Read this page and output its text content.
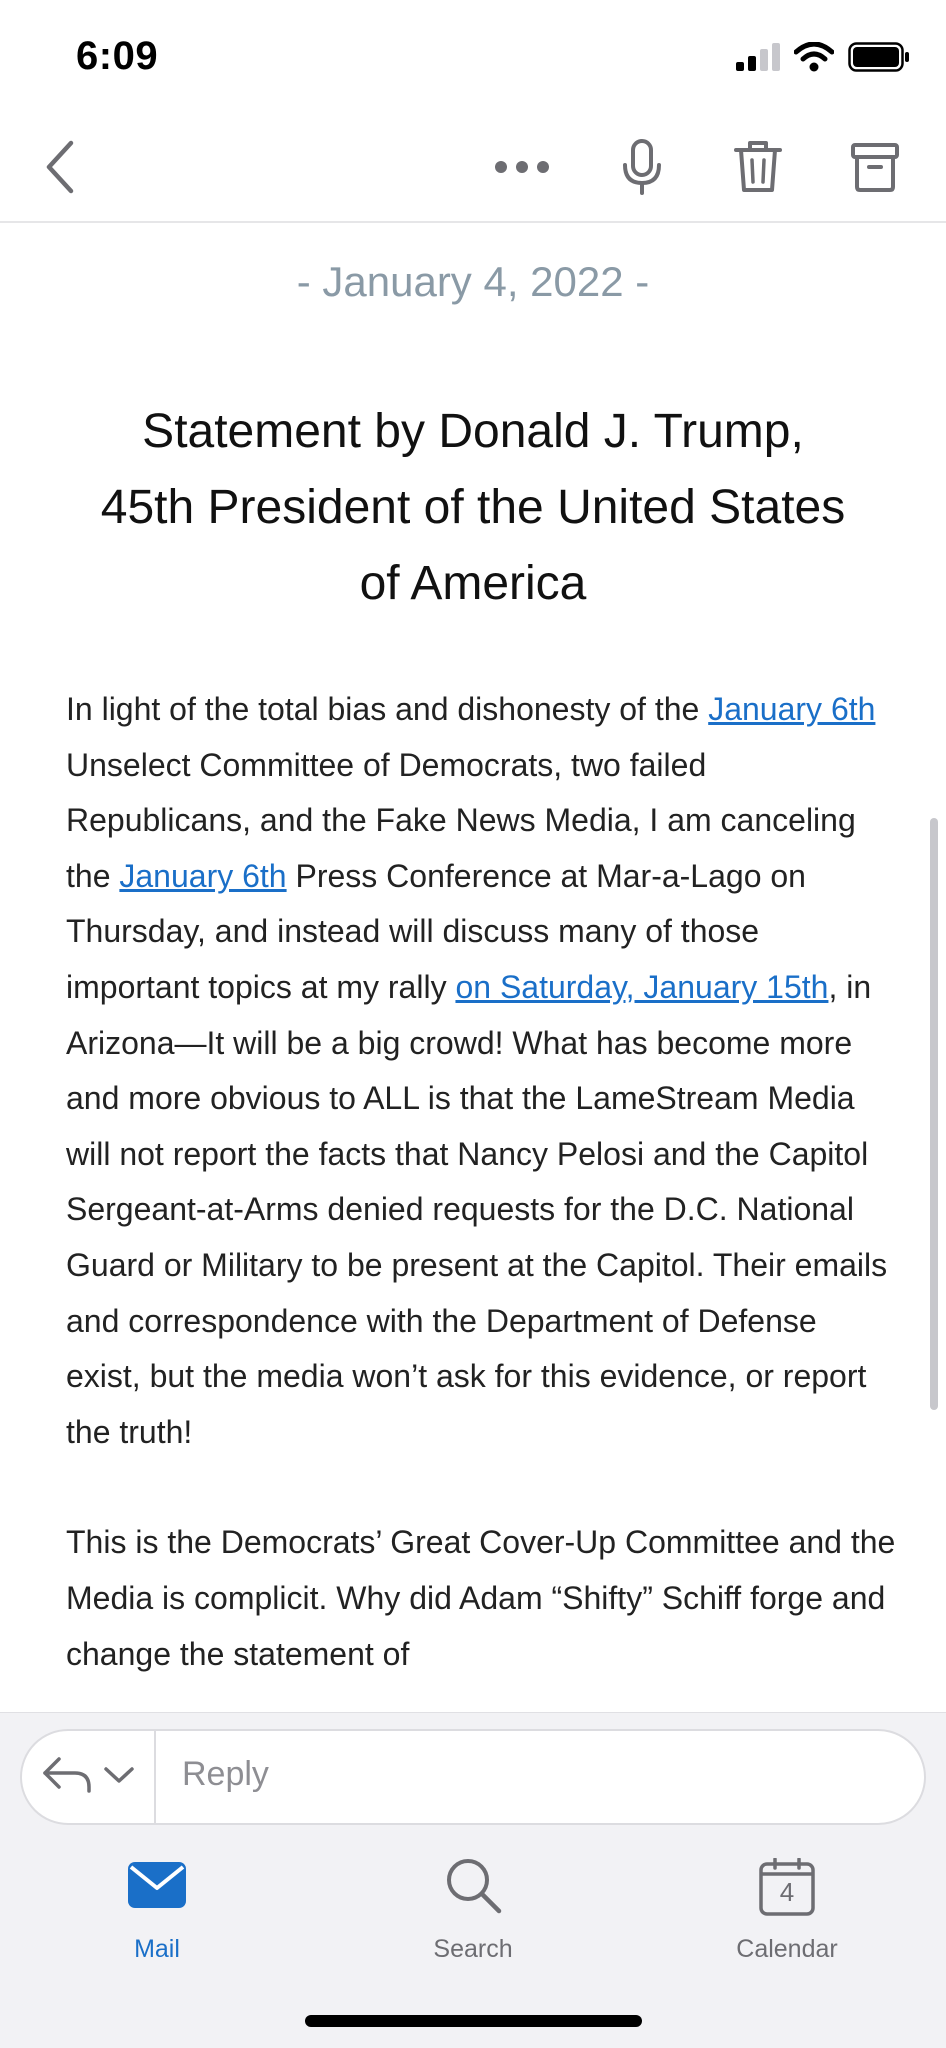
6:09
- January 4, 2022 -
Statement by Donald J. Trump,
45th President of the United States
of America

In light of the total bias and dishonesty of the January 6th Unselect Committee of Democrats, two failed Republicans, and the Fake News Media, I am canceling the January 6th Press Conference at Mar-a-Lago on Thursday, and instead will discuss many of those important topics at my rally on Saturday, January 15th, in Arizona—It will be a big crowd! What has become more and more obvious to ALL is that the LameStream Media will not report the facts that Nancy Pelosi and the Capitol Sergeant-at-Arms denied requests for the D.C. National Guard or Military to be present at the Capitol. Their emails and correspondence with the Department of Defense exist, but the media won’t ask for this evidence, or report the truth!

This is the Democrats’ Great Cover-Up Committee and the Media is complicit. Why did Adam “Shifty” Schiff forge and change the statement of

Reply
Mail	Search
4
Calendar
